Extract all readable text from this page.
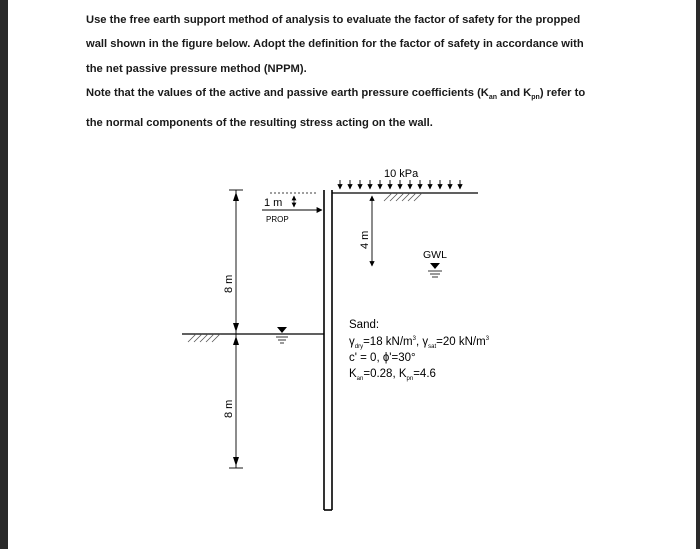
Use the free earth support method of analysis to evaluate the factor of safety for the propped

wall shown in the figure below. Adopt the definition for the factor of safety in accordance with

the net passive pressure method (NPPM).

Note that the values of the active and passive earth pressure coefficients ($K_{an}$ and $K_{pn}$) refer to

the normal components of the resulting stress acting on the wall.

10 kPa
1 m
PROP
4 m
GWL
8 m
8 m
Sand:
$\gamma_{dry}=18$ $kN/m^3$, $\gamma_{sat}=20$ $kN/m^3$
c' = 0, ϕ'=30°
$K_{an}=0.28$, $K_{pn}=4.6$
